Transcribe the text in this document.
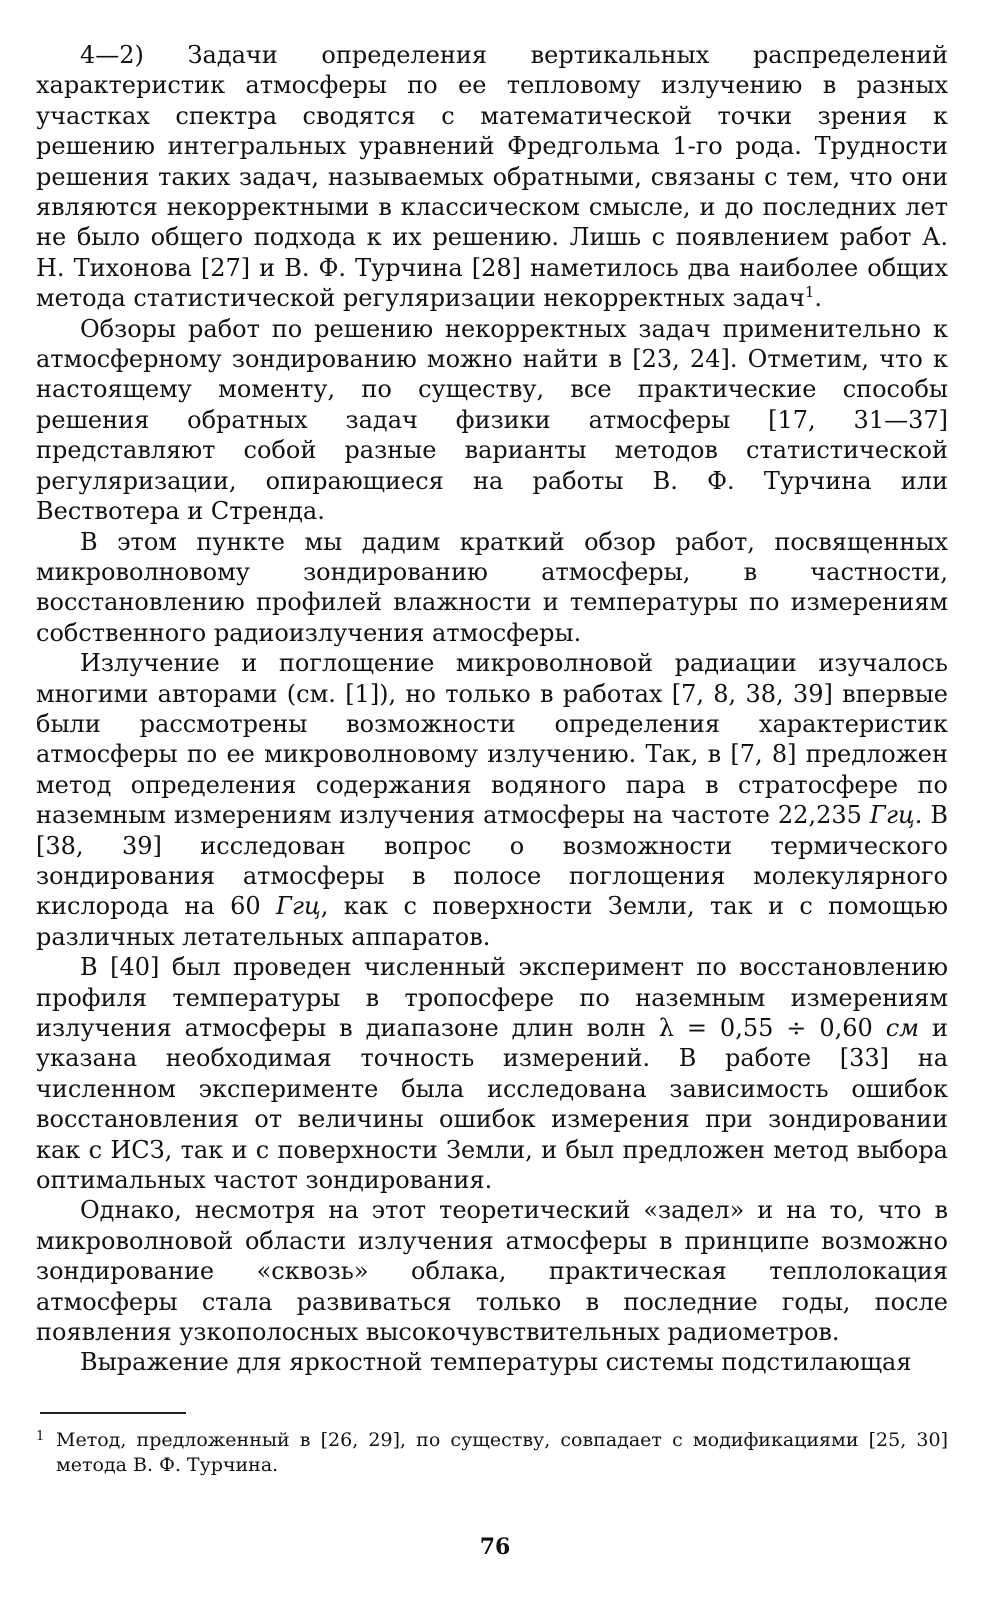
4—2) Задачи определения вертикальных распределений характеристик атмосферы по ее тепловому излучению в разных участках спектра сводятся с математической точки зрения к решению интегральных уравнений Фредгольма 1-го рода. Трудности решения таких задач, называемых обратными, связаны с тем, что они являются некорректными в классическом смысле, и до последних лет не было общего подхода к их решению. Лишь с появлением работ А. Н. Тихонова [27] и В. Ф. Турчина [28] наметилось два наиболее общих метода статистической регуляризации некорректных задач$^1$.

Обзоры работ по решению некорректных задач применительно к атмосферному зондированию можно найти в [23, 24]. Отметим, что к настоящему моменту, по существу, все практические способы решения обратных задач физики атмосферы [17, 31—37] представляют собой разные варианты методов статистической регуляризации, опирающиеся на работы В. Ф. Турчина или Вествотера и Стренда.

В этом пункте мы дадим краткий обзор работ, посвященных микроволновому зондированию атмосферы, в частности, восстановлению профилей влажности и температуры по измерениям собственного радиоизлучения атмосферы.

Излучение и поглощение микроволновой радиации изучалось многими авторами (см. [1]), но только в работах [7, 8, 38, 39] впервые были рассмотрены возможности определения характеристик атмосферы по ее микроволновому излучению. Так, в [7, 8] предложен метод определения содержания водяного пара в стратосфере по наземным измерениям излучения атмосферы на частоте 22,235 Ггц. В [38, 39] исследован вопрос о возможности термического зондирования атмосферы в полосе поглощения молекулярного кислорода на 60 Ггц, как с поверхности Земли, так и с помощью различных летательных аппаратов.

В [40] был проведен численный эксперимент по восстановлению профиля температуры в тропосфере по наземным измерениям излучения атмосферы в диапазоне длин волн λ = 0,55 ÷ 0,60 см и указана необходимая точность измерений. В работе [33] на численном эксперименте была исследована зависимость ошибок восстановления от величины ошибок измерения при зондировании как с ИСЗ, так и с поверхности Земли, и был предложен метод выбора оптимальных частот зондирования.

Однако, несмотря на этот теоретический «задел» и на то, что в микроволновой области излучения атмосферы в принципе возможно зондирование «сквозь» облака, практическая теплолокация атмосферы стала развиваться только в последние годы, после появления узкополосных высокочувствительных радиометров.

Выражение для яркостной температуры системы подстилающая

$^1$ Метод, предложенный в [26, 29], по существу, совпадает с модификациями [25, 30] метода В. Ф. Турчина.

76
